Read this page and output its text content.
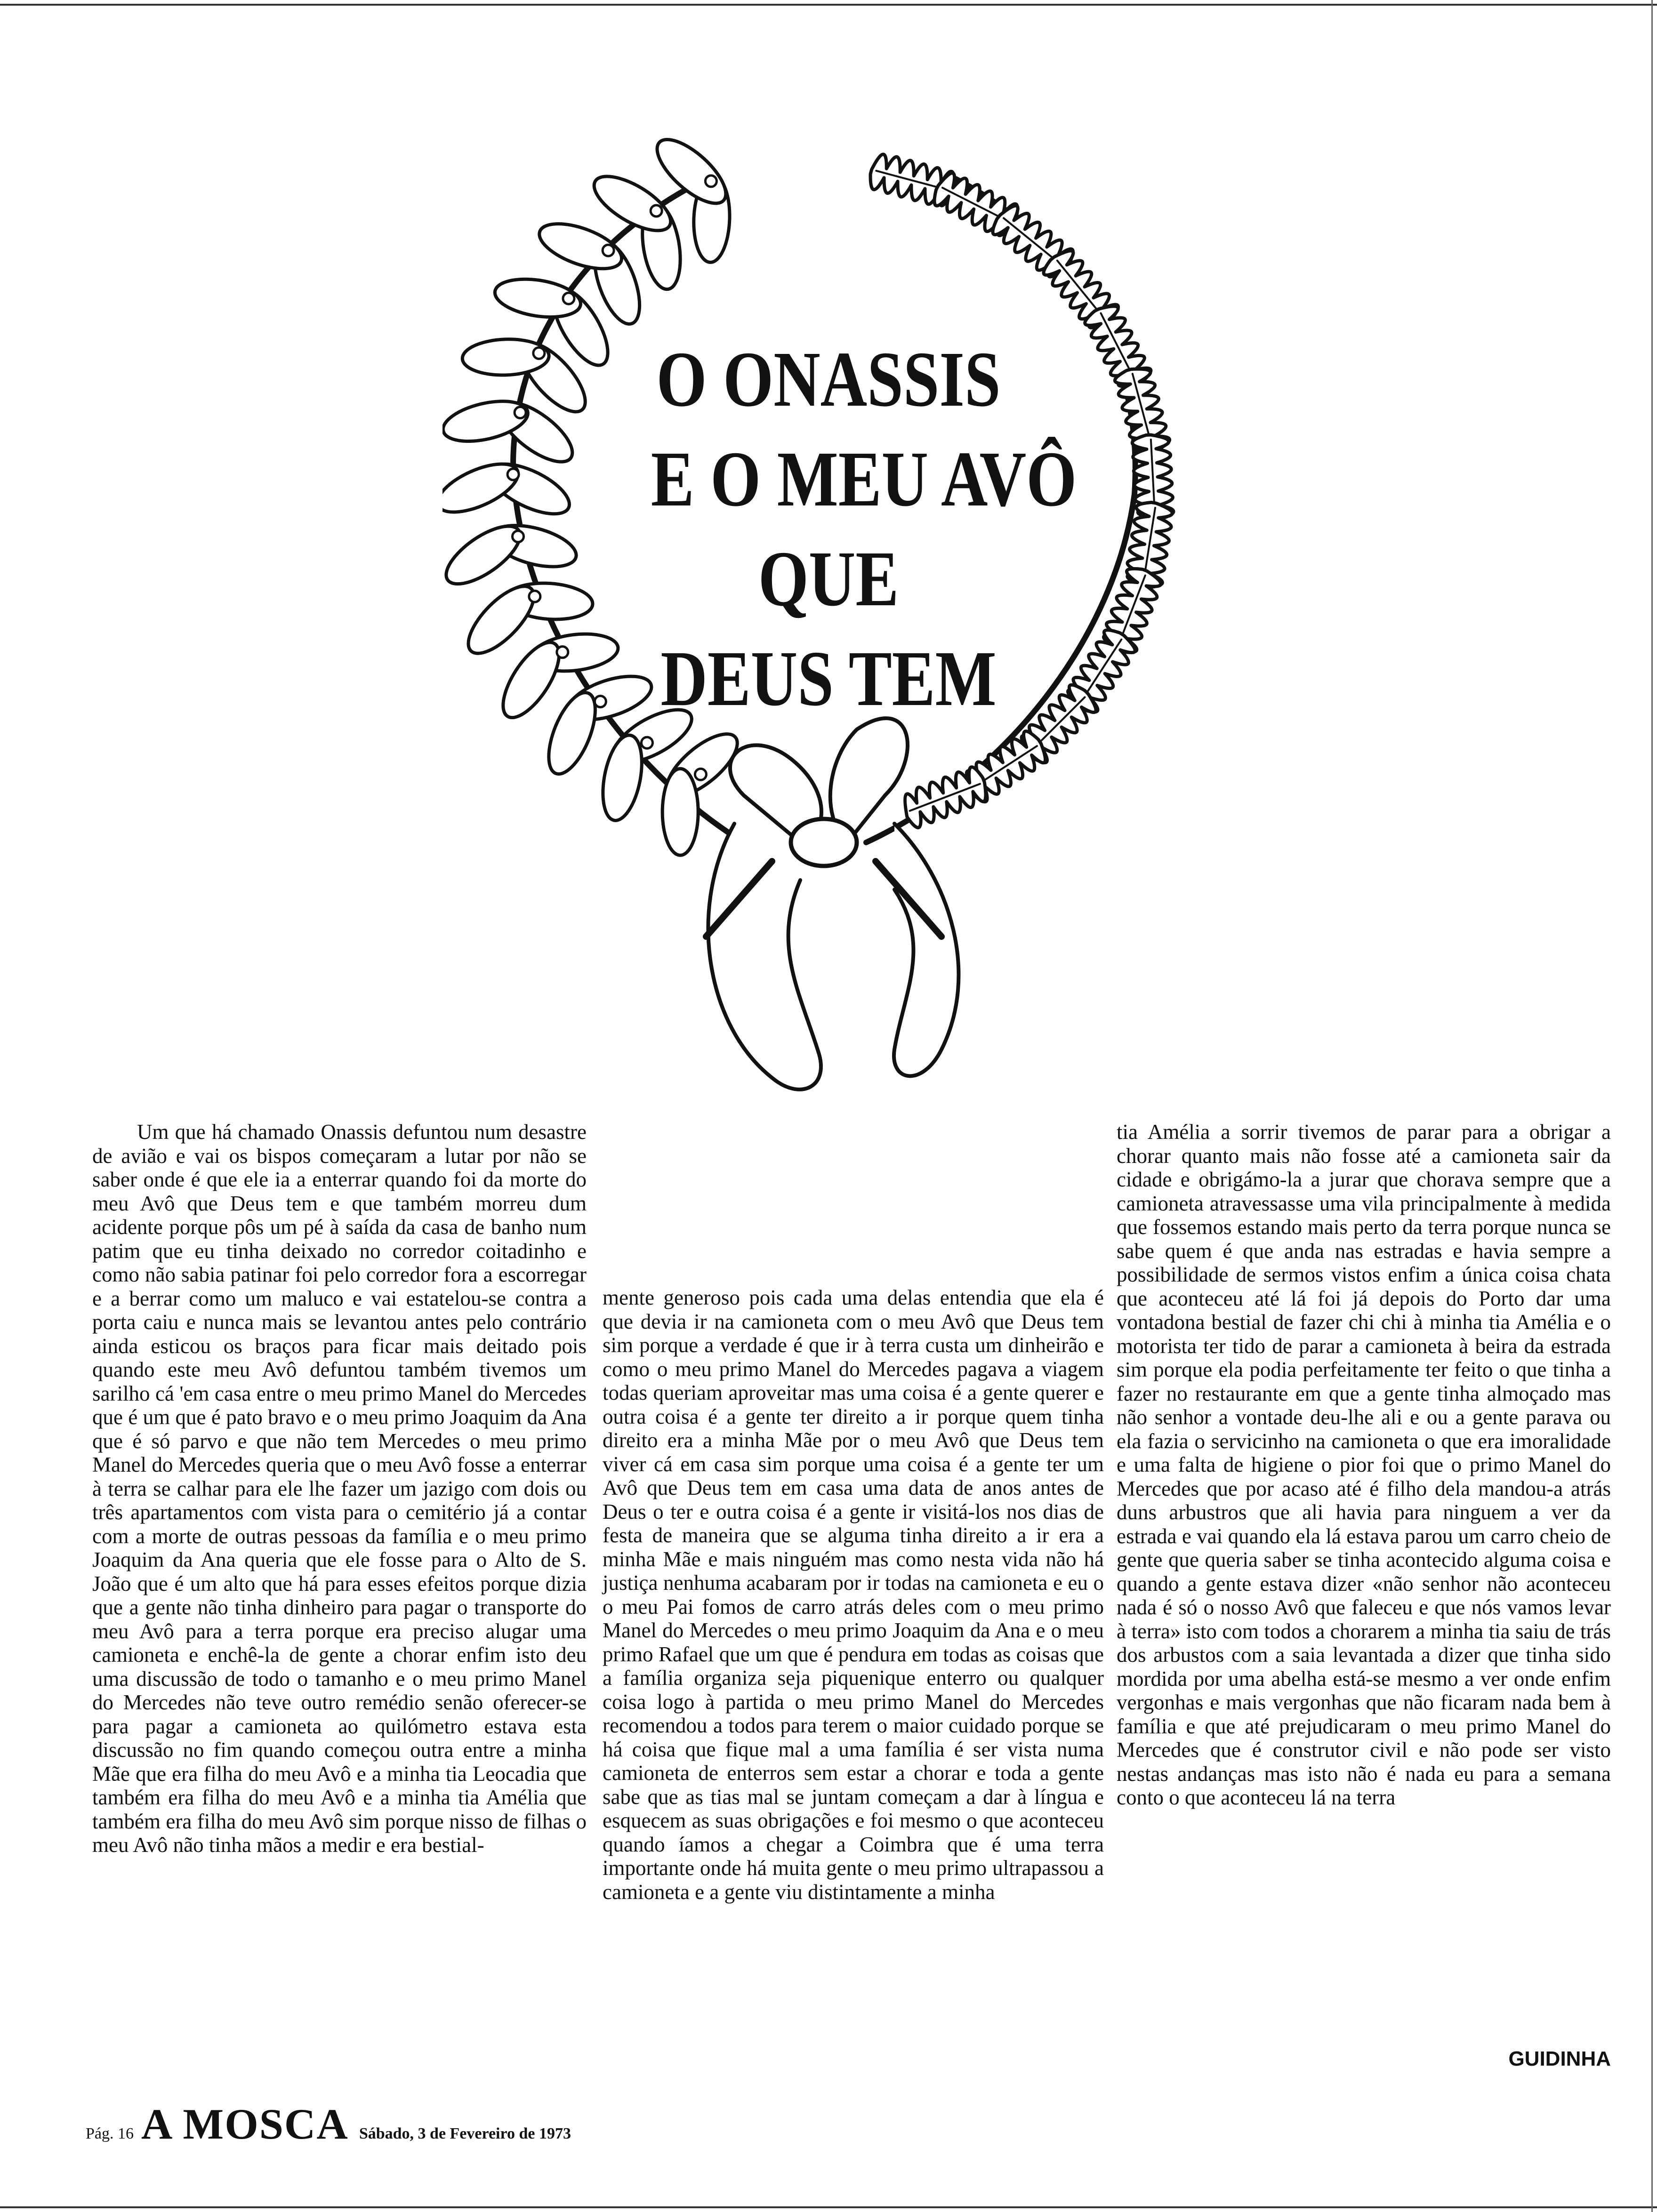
O ONASSIS
E O MEU AVÔ
QUE
DEUS TEM

Um que há chamado Onassis defuntou num desastre de avião e vai os bispos começaram a lutar por não se saber onde é que ele ia a enterrar quando foi da morte do meu Avô que Deus tem e que também morreu dum acidente porque pôs um pé à saída da casa de banho num patim que eu tinha deixado no corredor coitadinho e como não sabia patinar foi pelo corredor fora a escorregar e a berrar como um maluco e vai estatelou-se contra a porta caiu e nunca mais se levantou antes pelo contrário ainda esticou os braços para ficar mais deitado pois quando este meu Avô defuntou também tivemos um sarilho cá 'em casa entre o meu primo Manel do Mercedes que é um que é pato bravo e o meu primo Joaquim da Ana que é só parvo e que não tem Mercedes o meu primo Manel do Mercedes queria que o meu Avô fosse a enterrar à terra se calhar para ele lhe fazer um jazigo com dois ou três apartamentos com vista para o cemitério já a contar com a morte de outras pessoas da família e o meu primo Joaquim da Ana queria que ele fosse para o Alto de S. João que é um alto que há para esses efeitos porque dizia que a gente não tinha dinheiro para pagar o transporte do meu Avô para a terra porque era preciso alugar uma camioneta e enchê-la de gente a chorar enfim isto deu uma discussão de todo o tamanho e o meu primo Manel do Mercedes não teve outro remédio senão oferecer-se para pagar a camioneta ao quilómetro estava esta discussão no fim quando começou outra entre a minha Mãe que era filha do meu Avô e a minha tia Leocadia que também era filha do meu Avô e a minha tia Amélia que também era filha do meu Avô sim porque nisso de filhas o meu Avô não tinha mãos a medir e era bestial-

mente generoso pois cada uma delas entendia que ela é que devia ir na camioneta com o meu Avô que Deus tem sim porque a verdade é que ir à terra custa um dinheirão e como o meu primo Manel do Mercedes pagava a viagem todas queriam aproveitar mas uma coisa é a gente querer e outra coisa é a gente ter direito a ir porque quem tinha direito era a minha Mãe por o meu Avô que Deus tem viver cá em casa sim porque uma coisa é a gente ter um Avô que Deus tem em casa uma data de anos antes de Deus o ter e outra coisa é a gente ir visitá-los nos dias de festa de maneira que se alguma tinha direito a ir era a minha Mãe e mais ninguém mas como nesta vida não há justiça nenhuma acabaram por ir todas na camioneta e eu o o meu Pai fomos de carro atrás deles com o meu primo Manel do Mercedes o meu primo Joaquim da Ana e o meu primo Rafael que um que é pendura em todas as coisas que a família organiza seja piquenique enterro ou qualquer coisa logo à partida o meu primo Manel do Mercedes recomendou a todos para terem o maior cuidado porque se há coisa que fique mal a uma família é ser vista numa camioneta de enterros sem estar a chorar e toda a gente sabe que as tias mal se juntam começam a dar à língua e esquecem as suas obrigações e foi mesmo o que aconteceu quando íamos a chegar a Coimbra que é uma terra importante onde há muita gente o meu primo ultrapassou a camioneta e a gente viu distintamente a minha

tia Amélia a sorrir tivemos de parar para a obrigar a chorar quanto mais não fosse até a camioneta sair da cidade e obrigámo-la a jurar que chorava sempre que a camioneta atravessasse uma vila principalmente à medida que fossemos estando mais perto da terra porque nunca se sabe quem é que anda nas estradas e havia sempre a possibilidade de sermos vistos enfim a única coisa chata que aconteceu até lá foi já depois do Porto dar uma vontadona bestial de fazer chi chi à minha tia Amélia e o motorista ter tido de parar a camioneta à beira da estrada sim porque ela podia perfeitamente ter feito o que tinha a fazer no restaurante em que a gente tinha almoçado mas não senhor a vontade deu-lhe ali e ou a gente parava ou ela fazia o servicinho na camioneta o que era imoralidade e uma falta de higiene o pior foi que o primo Manel do Mercedes que por acaso até é filho dela mandou-a atrás duns arbustros que ali havia para ninguem a ver da estrada e vai quando ela lá estava parou um carro cheio de gente que queria saber se tinha acontecido alguma coisa e quando a gente estava dizer «não senhor não aconteceu nada é só o nosso Avô que faleceu e que nós vamos levar à terra» isto com todos a chorarem a minha tia saiu de trás dos arbustos com a saia levantada a dizer que tinha sido mordida por uma abelha está-se mesmo a ver onde enfim vergonhas e mais vergonhas que não ficaram nada bem à família e que até prejudicaram o meu primo Manel do Mercedes que é construtor civil e não pode ser visto nestas andanças mas isto não é nada eu para a semana conto o que aconteceu lá na terra

GUIDINHA
Pág. 16 A MOSCA Sábado, 3 de Fevereiro de 1973
